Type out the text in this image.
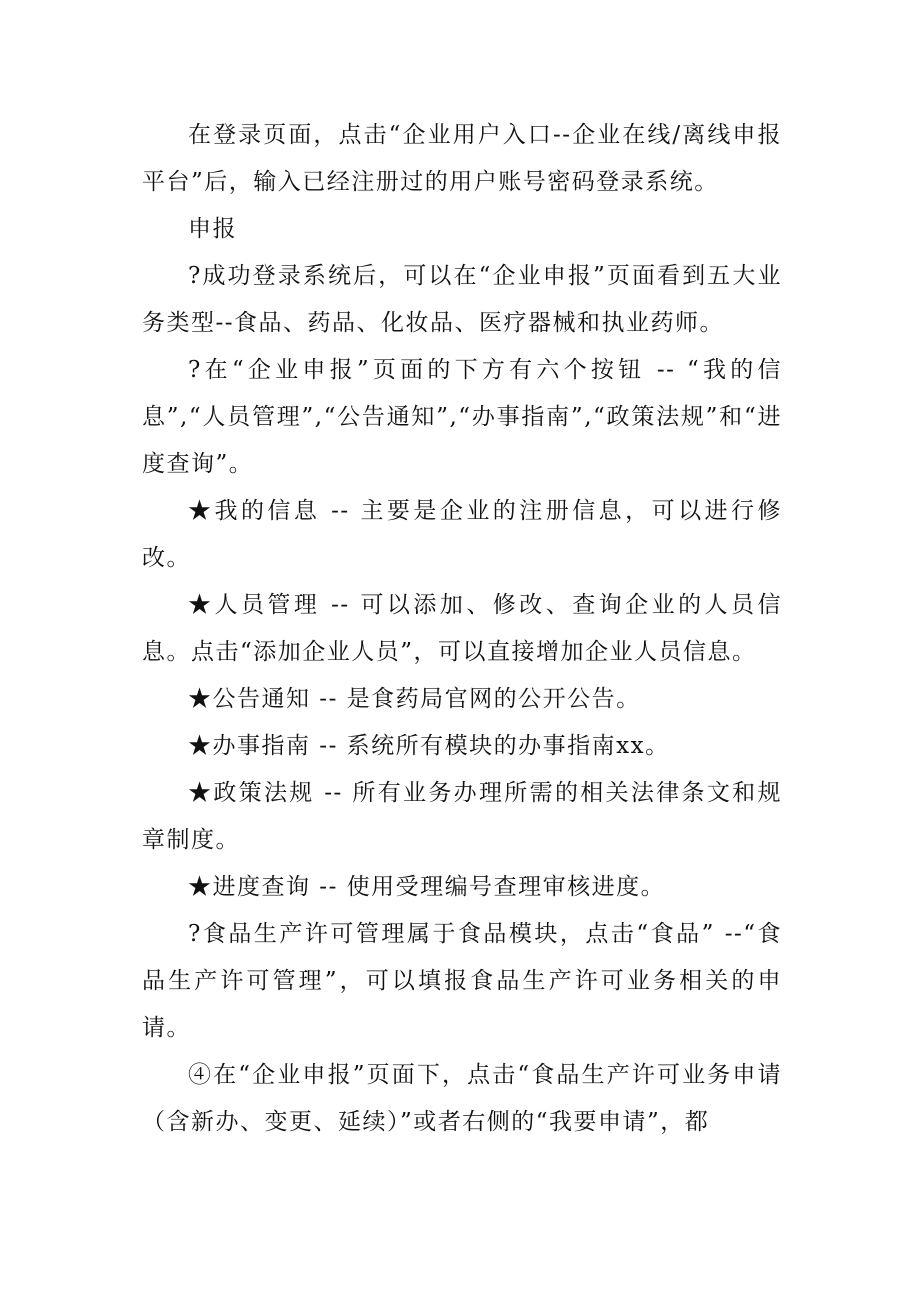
在登录页面，点击“企业用户入口--企业在线/离线申报平台”后，输入已经注册过的用户账号密码登录系统。

申报

?成功登录系统后，可以在“企业申报”页面看到五大业务类型--食品、药品、化妆品、医疗器械和执业药师。

?在“企业申报”页面的下方有六个按钮 -- “我的信息”,“人员管理”,“公告通知”,“办事指南”,“政策法规”和“进度查询”。

★我的信息 -- 主要是企业的注册信息，可以进行修改。

★人员管理 -- 可以添加、修改、查询企业的人员信息。点击“添加企业人员”，可以直接增加企业人员信息。

★公告通知 -- 是食药局官网的公开公告。

★办事指南 -- 系统所有模块的办事指南xx。

★政策法规 -- 所有业务办理所需的相关法律条文和规章制度。

★进度查询 -- 使用受理编号查理审核进度。

?食品生产许可管理属于食品模块，点击“食品” --“食品生产许可管理”，可以填报食品生产许可业务相关的申请。

④在“企业申报”页面下，点击“食品生产许可业务申请（含新办、变更、延续）”或者右侧的“我要申请”，都
